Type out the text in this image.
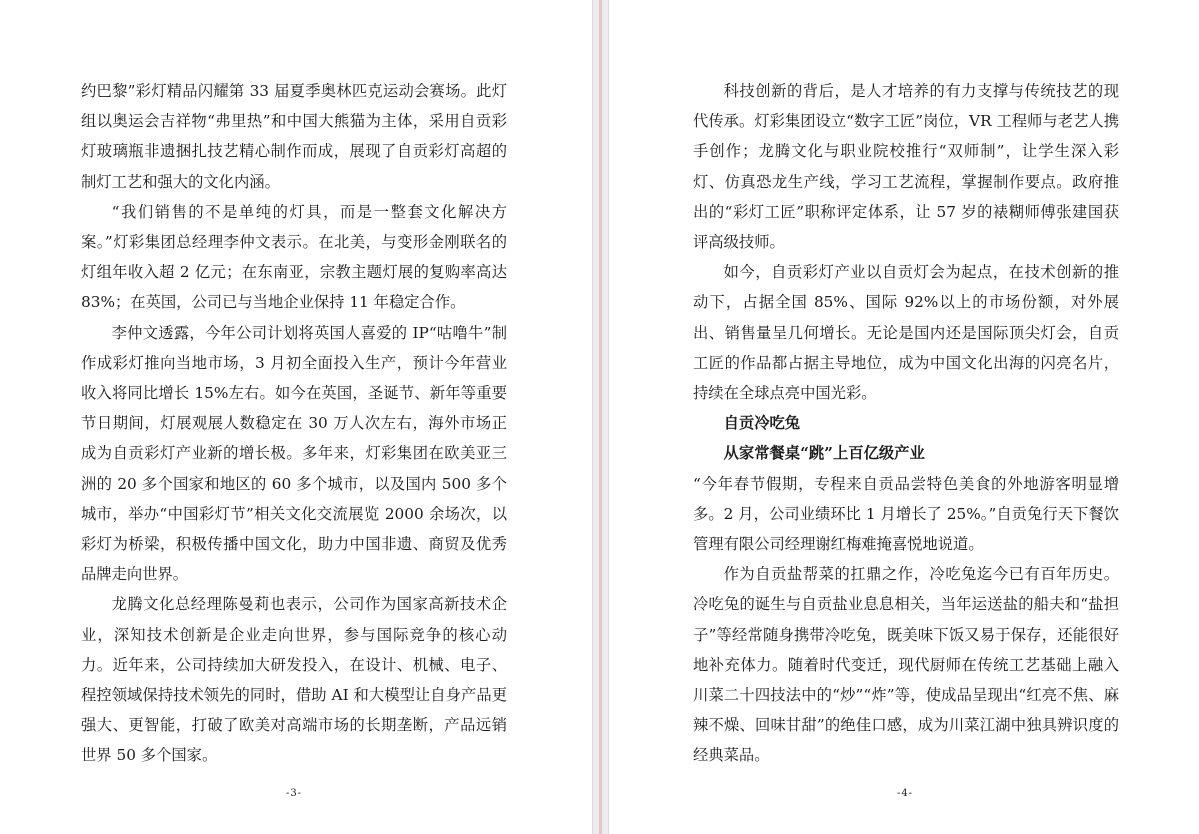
约巴黎”彩灯精品闪耀第 33 届夏季奥林匹克运动会赛场。此灯组以奥运会吉祥物“弗里热”和中国大熊猫为主体，采用自贡彩灯玻璃瓶非遗捆扎技艺精心制作而成，展现了自贡彩灯高超的制灯工艺和强大的文化内涵。

“我们销售的不是单纯的灯具，而是一整套文化解决方案。”灯彩集团总经理李仲文表示。在北美，与变形金刚联名的灯组年收入超 2 亿元；在东南亚，宗教主题灯展的复购率高达 83%；在英国，公司已与当地企业保持 11 年稳定合作。

李仲文透露，今年公司计划将英国人喜爱的 IP“咕噜牛”制作成彩灯推向当地市场，3 月初全面投入生产，预计今年营业收入将同比增长 15%左右。如今在英国，圣诞节、新年等重要节日期间，灯展观展人数稳定在 30 万人次左右，海外市场正成为自贡彩灯产业新的增长极。多年来，灯彩集团在欧美亚三洲的 20 多个国家和地区的 60 多个城市，以及国内 500 多个城市，举办“中国彩灯节”相关文化交流展览 2000 余场次，以彩灯为桥梁，积极传播中国文化，助力中国非遗、商贸及优秀品牌走向世界。

龙腾文化总经理陈曼莉也表示，公司作为国家高新技术企业，深知技术创新是企业走向世界，参与国际竞争的核心动力。近年来，公司持续加大研发投入，在设计、机械、电子、程控领域保持技术领先的同时，借助 AI 和大模型让自身产品更强大、更智能，打破了欧美对高端市场的长期垄断，产品远销世界 50 多个国家。

-3-

科技创新的背后，是人才培养的有力支撑与传统技艺的现代传承。灯彩集团设立“数字工匠”岗位，VR 工程师与老艺人携手创作；龙腾文化与职业院校推行“双师制”，让学生深入彩灯、仿真恐龙生产线，学习工艺流程，掌握制作要点。政府推出的“彩灯工匠”职称评定体系，让 57 岁的裱糊师傅张建国获评高级技师。

如今，自贡彩灯产业以自贡灯会为起点，在技术创新的推动下，占据全国 85%、国际 92%以上的市场份额，对外展出、销售量呈几何增长。无论是国内还是国际顶尖灯会，自贡工匠的作品都占据主导地位，成为中国文化出海的闪亮名片，持续在全球点亮中国光彩。

自贡冷吃兔

从家常餐桌“跳”上百亿级产业

“今年春节假期，专程来自贡品尝特色美食的外地游客明显增多。2 月，公司业绩环比 1 月增长了 25%。”自贡兔行天下餐饮管理有限公司经理谢红梅难掩喜悦地说道。

作为自贡盐帮菜的扛鼎之作，冷吃兔迄今已有百年历史。冷吃兔的诞生与自贡盐业息息相关，当年运送盐的船夫和“盐担子”等经常随身携带冷吃兔，既美味下饭又易于保存，还能很好地补充体力。随着时代变迁，现代厨师在传统工艺基础上融入川菜二十四技法中的“炒”“炸”等，使成品呈现出“红亮不焦、麻辣不燥、回味甘甜”的绝佳口感，成为川菜江湖中独具辨识度的经典菜品。

-4-
